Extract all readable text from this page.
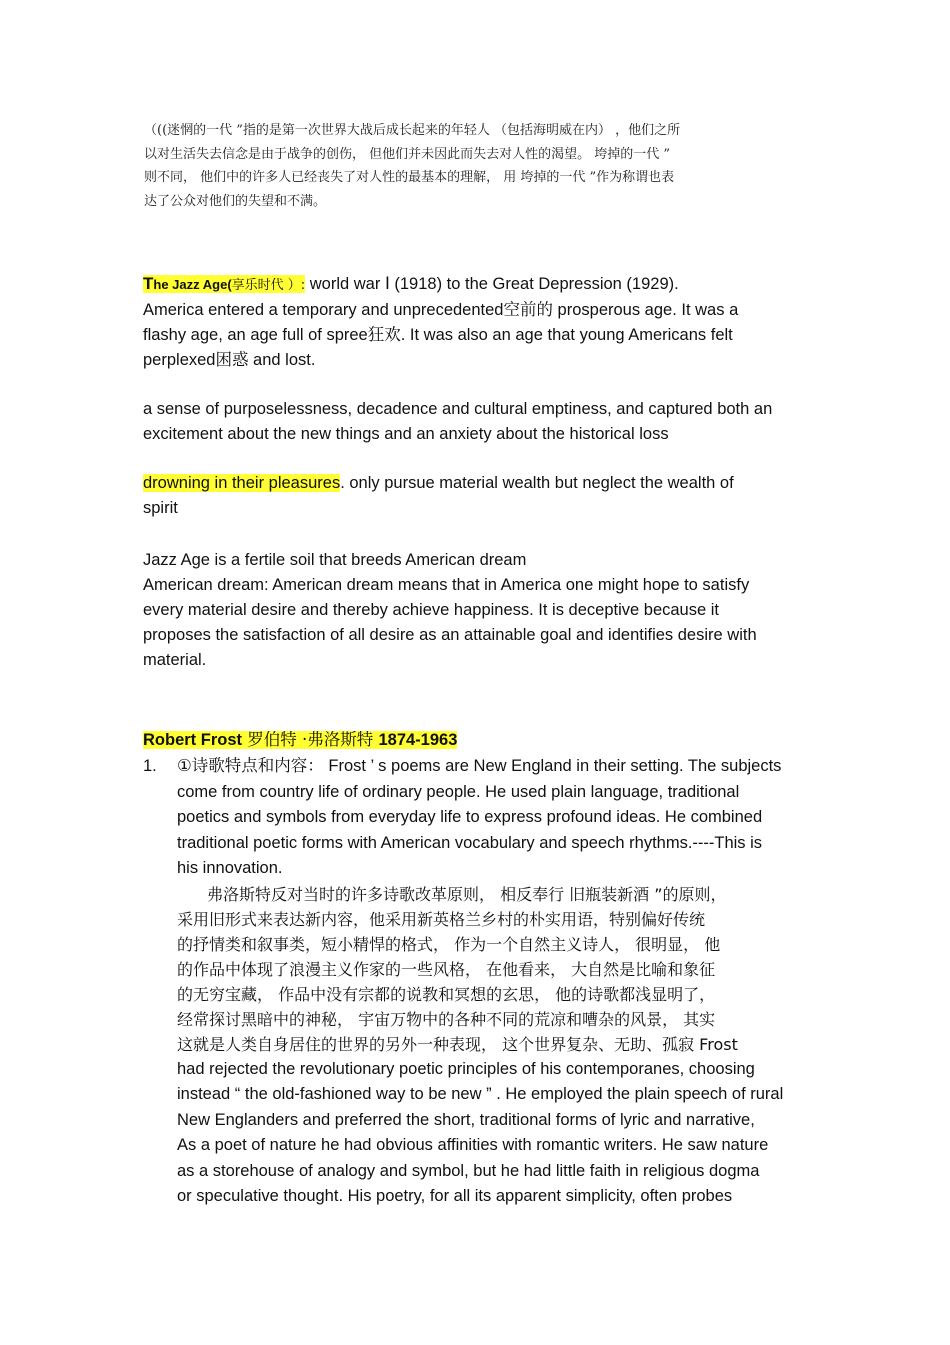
（((迷惘的一代 ”指的是第一次世界大战后成长起来的年轻人 （包括海明威在内） ，他们之所

以对生活失去信念是由于战争的创伤， 但他们并未因此而失去对人性的渴望。 垮掉的一代 ”

则不同， 他们中的许多人已经丧失了对人性的最基本的理解， 用 垮掉的一代 ”作为称谓也表

达了公众对他们的失望和不满。

The Jazz Age(享乐时代 ）: world war Ⅰ (1918) to the Great Depression (1929).

America entered a temporary and unprecedented空前的 prosperous age. It was a

flashy age, an age full of spree狂欢. It was also an age that young Americans felt

perplexed困惑 and lost.

a sense of purposelessness, decadence and cultural emptiness, and captured both an

excitement about the new things and an anxiety about the historical loss

drowning in their pleasures. only pursue material wealth but neglect the wealth of

spirit

Jazz Age is a fertile soil that breeds American dream

American dream: American dream means that in America one might hope to satisfy

every material desire and thereby achieve happiness. It is deceptive because it

proposes the satisfaction of all desire as an attainable goal and identifies desire with

material.

Robert Frost 罗伯特 ·弗洛斯特 1874-1963

1. ①诗歌特点和内容： Frost ’ s poems are New England in their setting. The subjects

come from country life of ordinary people. He used plain language, traditional

poetics and symbols from everyday life to express profound ideas. He combined

traditional poetic forms with American vocabulary and speech rhythms.----This is

his innovation.

弗洛斯特反对当时的许多诗歌改革原则， 相反奉行 旧瓶装新酒 ”的原则，

采用旧形式来表达新内容，他采用新英格兰乡村的朴实用语，特别偏好传统

的抒情类和叙事类，短小精悍的格式， 作为一个自然主义诗人， 很明显， 他

的作品中体现了浪漫主义作家的一些风格， 在他看来， 大自然是比喻和象征

的无穷宝藏， 作品中没有宗都的说教和冥想的玄思， 他的诗歌都浅显明了，

经常探讨黑暗中的神秘， 宇宙万物中的各种不同的荒凉和嘈杂的风景， 其实

这就是人类自身居住的世界的另外一种表现， 这个世界复杂、无助、孤寂 Frost

had rejected the revolutionary poetic principles of his contemporanes, choosing

instead “ the old-fashioned way to be new ” . He employed the plain speech of rural

New Englanders and preferred the short, traditional forms of lyric and narrative,

As a poet of nature he had obvious affinities with romantic writers. He saw nature

as a storehouse of analogy and symbol, but he had little faith in religious dogma

or speculative thought. His poetry, for all its apparent simplicity, often probes
